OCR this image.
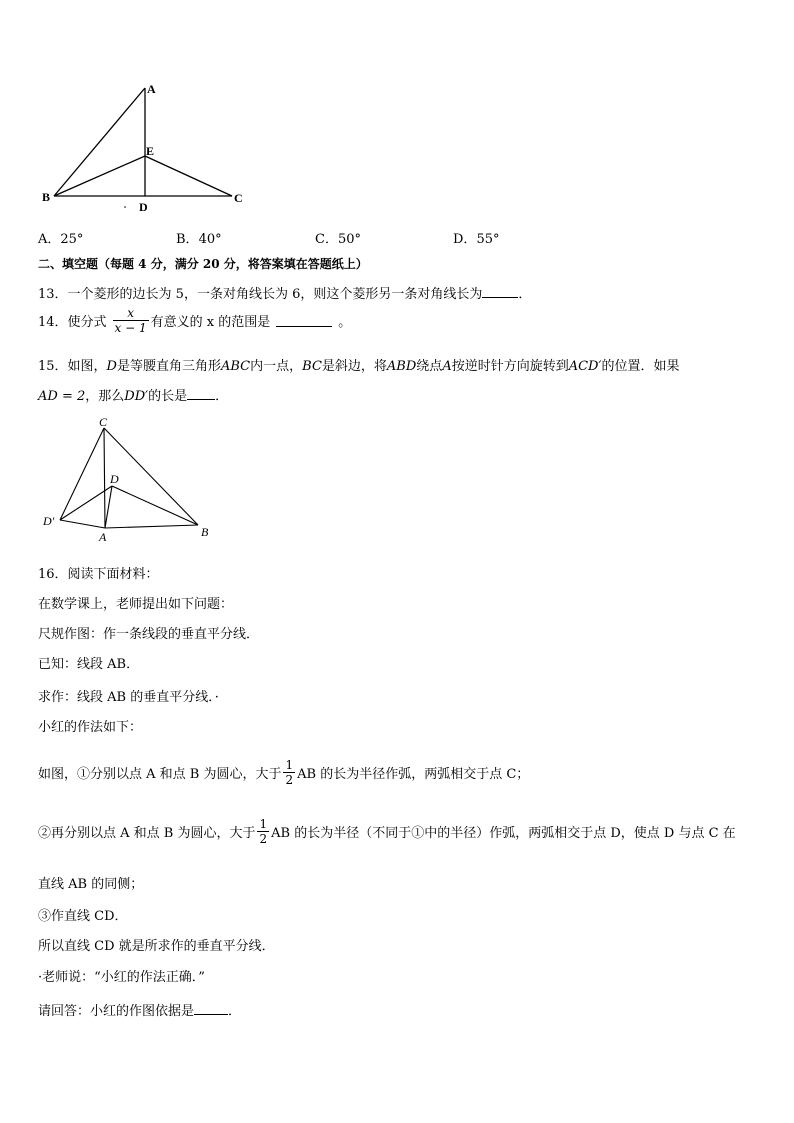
A
E
B
D
C
A．25°	B．40°	C．50°	D．55°
二、填空题（每题 4 分，满分 20 分，将答案填在答题纸上）
13．一个菱形的边长为 5，一条对角线长为 6，则这个菱形另一条对角线长为	．
14．使分式 $\frac{x}{x - 1}$ 有意义的 x 的范围是	。
15．如图，D是等腰直角三角形ABC内一点，BC是斜边，将ABD绕点A按逆时针方向旋转到ACD′的位置．如果
AD = 2，那么DD′的长是 ．
C
D
D′
A	B
16．阅读下面材料：
在数学课上，老师提出如下问题：
尺规作图：作一条线段的垂直平分线．
已知：线段 AB．
求作：线段 AB 的垂直平分线．·
小红的作法如下：
如图，①分别以点 A 和点 B 为圆心，大于 $\frac{1}{2}$ AB 的长为半径作弧，两弧相交于点 C；
②再分别以点 A 和点 B 为圆心，大于 $\frac{1}{2}$ AB 的长为半径（不同于①中的半径）作弧，两弧相交于点 D，使点 D 与点 C 在
直线 AB 的同侧；
③作直线 CD．
所以直线 CD 就是所求作的垂直平分线．
·老师说：“小红的作法正确．”
请回答：小红的作图依据是	．
